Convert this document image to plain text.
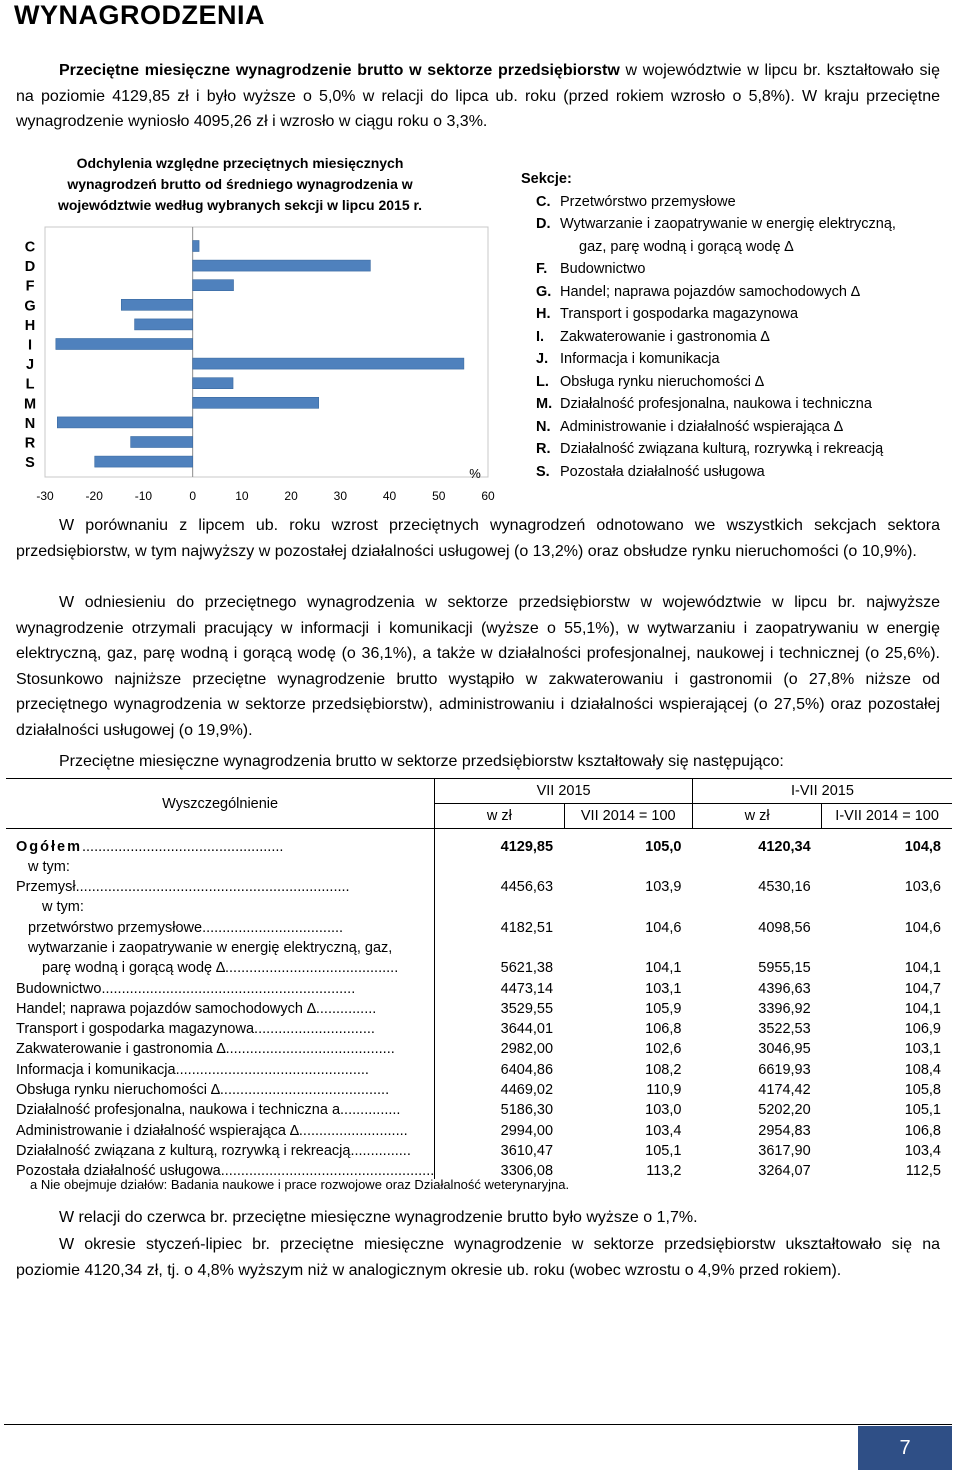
WYNAGRODZENIA
Przeciętne miesięczne wynagrodzenie brutto w sektorze przedsiębiorstw w województwie w lipcu br. kształtowało się na poziomie 4129,85 zł i było wyższe o 5,0% w relacji do lipca ub. roku (przed rokiem wzrosło o 5,8%). W kraju przeciętne wynagrodzenie wyniosło 4095,26 zł i wzrosło w ciągu roku o 3,3%.
Odchylenia względne przeciętnych miesięcznych wynagrodzeń brutto od średniego wynagrodzenia w województwie według wybranych sekcji w lipcu 2015 r.
C
D
F
G
H
I
J
L
M
N
R
S
-30	-20	-10	0	10	20	30	40	50	60
%
Sekcje:
C. Przetwórstwo przemysłowe
D. Wytwarzanie i zaopatrywanie w energię elektryczną,
gaz, parę wodną i gorącą wodę ∆
F. Budownictwo
G. Handel; naprawa pojazdów samochodowych ∆
H. Transport i gospodarka magazynowa
I. Zakwaterowanie i gastronomia ∆
J. Informacja i komunikacja
L. Obsługa rynku nieruchomości ∆
M. Działalność profesjonalna, naukowa i techniczna
N. Administrowanie i działalność wspierająca ∆
R. Działalność związana kulturą, rozrywką i rekreacją
S. Pozostała działalność usługowa
W porównaniu z lipcem ub. roku wzrost przeciętnych wynagrodzeń odnotowano we wszystkich sekcjach sektora przedsiębiorstw, w tym najwyższy w pozostałej działalności usługowej (o 13,2%) oraz obsłudze rynku nieruchomości (o 10,9%).
W odniesieniu do przeciętnego wynagrodzenia w sektorze przedsiębiorstw w województwie w lipcu br. najwyższe wynagrodzenie otrzymali pracujący w informacji i komunikacji (wyższe o 55,1%), w wytwarzaniu i zaopatrywaniu w energię elektryczną, gaz, parę wodną i gorącą wodę (o 36,1%), a także w działalności profesjonalnej, naukowej i technicznej (o 25,6%). Stosunkowo najniższe przeciętne wynagrodzenie brutto wystąpiło w zakwaterowaniu i gastronomii (o 27,8% niższe od przeciętnego wynagrodzenia w sektorze przedsiębiorstw), administrowaniu i działalności wspierającej (o 27,5%) oraz pozostałej działalności usługowej (o 19,9%).
Przeciętne miesięczne wynagrodzenia brutto w sektorze przedsiębiorstw kształtowały się następująco:
Wyszczególnienie	VII 2015		I-VII 2015	
	w zł	VII 2014 = 100	w zł	I-VII 2014 = 100
Ogółem..................................................	4129,85	105,0	4120,34	104,8
w tym:				
Przemysł....................................................................	4456,63	103,9	4530,16	103,6
w tym:				
przetwórstwo przemysłowe...................................	4182,51	104,6	4098,56	104,6
wytwarzanie i zaopatrywanie w energię elektryczną, gaz,				
parę wodną i gorącą wodę ∆...........................................	5621,38	104,1	5955,15	104,1
Budownictwo...............................................................	4473,14	103,1	4396,63	104,7
Handel; naprawa pojazdów samochodowych ∆...............	3529,55	105,9	3396,92	104,1
Transport i gospodarka magazynowa..............................	3644,01	106,8	3522,53	106,9
Zakwaterowanie i gastronomia ∆..........................................	2982,00	102,6	3046,95	103,1
Informacja i komunikacja................................................	6404,86	108,2	6619,93	108,4
Obsługa rynku nieruchomości ∆..........................................	4469,02	110,9	4174,42	105,8
Działalność profesjonalna, naukowa i techniczna a...............	5186,30	103,0	5202,20	105,1
Administrowanie i działalność wspierająca ∆...........................	2994,00	103,4	2954,83	106,8
Działalność związana z kulturą, rozrywką i rekreacją...............	3610,47	105,1	3617,90	103,4
Pozostała działalność usługowa.....................................................	3306,08	113,2	3264,07	112,5
a Nie obejmuje działów: Badania naukowe i prace rozwojowe oraz Działalność weterynaryjna.
W relacji do czerwca br. przeciętne miesięczne wynagrodzenie brutto było wyższe o 1,7%.
W okresie styczeń-lipiec br. przeciętne miesięczne wynagrodzenie w sektorze przedsiębiorstw ukształtowało się na poziomie 4120,34 zł, tj. o 4,8% wyższym niż w analogicznym okresie ub. roku (wobec wzrostu o 4,9% przed rokiem).
7
